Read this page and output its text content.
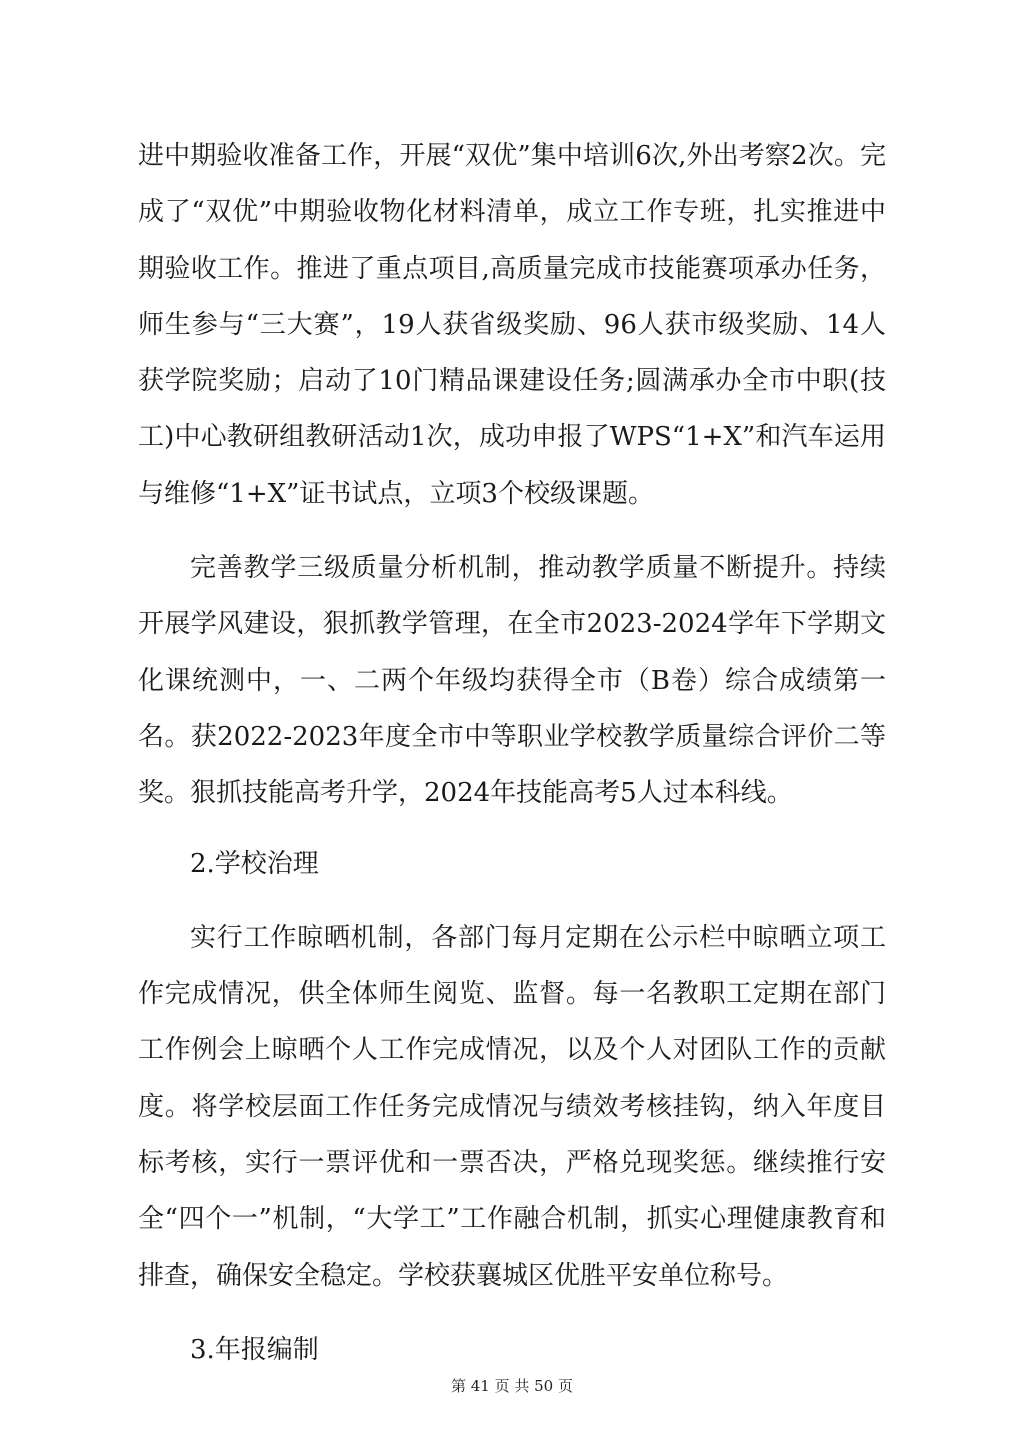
进中期验收准备工作，开展“双优”集中培训6次,外出考察2次。完成了“双优”中期验收物化材料清单，成立工作专班，扎实推进中期验收工作。推进了重点项目,高质量完成市技能赛项承办任务，师生参与“三大赛”，19人获省级奖励、96人获市级奖励、14人获学院奖励；启动了10门精品课建设任务;圆满承办全市中职(技工)中心教研组教研活动1次，成功申报了WPS“1+X”和汽车运用与维修“1+X”证书试点，立项3个校级课题。

完善教学三级质量分析机制，推动教学质量不断提升。持续开展学风建设，狠抓教学管理，在全市2023-2024学年下学期文化课统测中，一、二两个年级均获得全市（B卷）综合成绩第一名。获2022-2023年度全市中等职业学校教学质量综合评价二等奖。狠抓技能高考升学，2024年技能高考5人过本科线。

2.学校治理

实行工作晾晒机制，各部门每月定期在公示栏中晾晒立项工作完成情况，供全体师生阅览、监督。每一名教职工定期在部门工作例会上晾晒个人工作完成情况，以及个人对团队工作的贡献度。将学校层面工作任务完成情况与绩效考核挂钩，纳入年度目标考核，实行一票评优和一票否决，严格兑现奖惩。继续推行安全“四个一”机制，“大学工”工作融合机制，抓实心理健康教育和排查，确保安全稳定。学校获襄城区优胜平安单位称号。

3.年报编制

第 41 页 共 50 页
